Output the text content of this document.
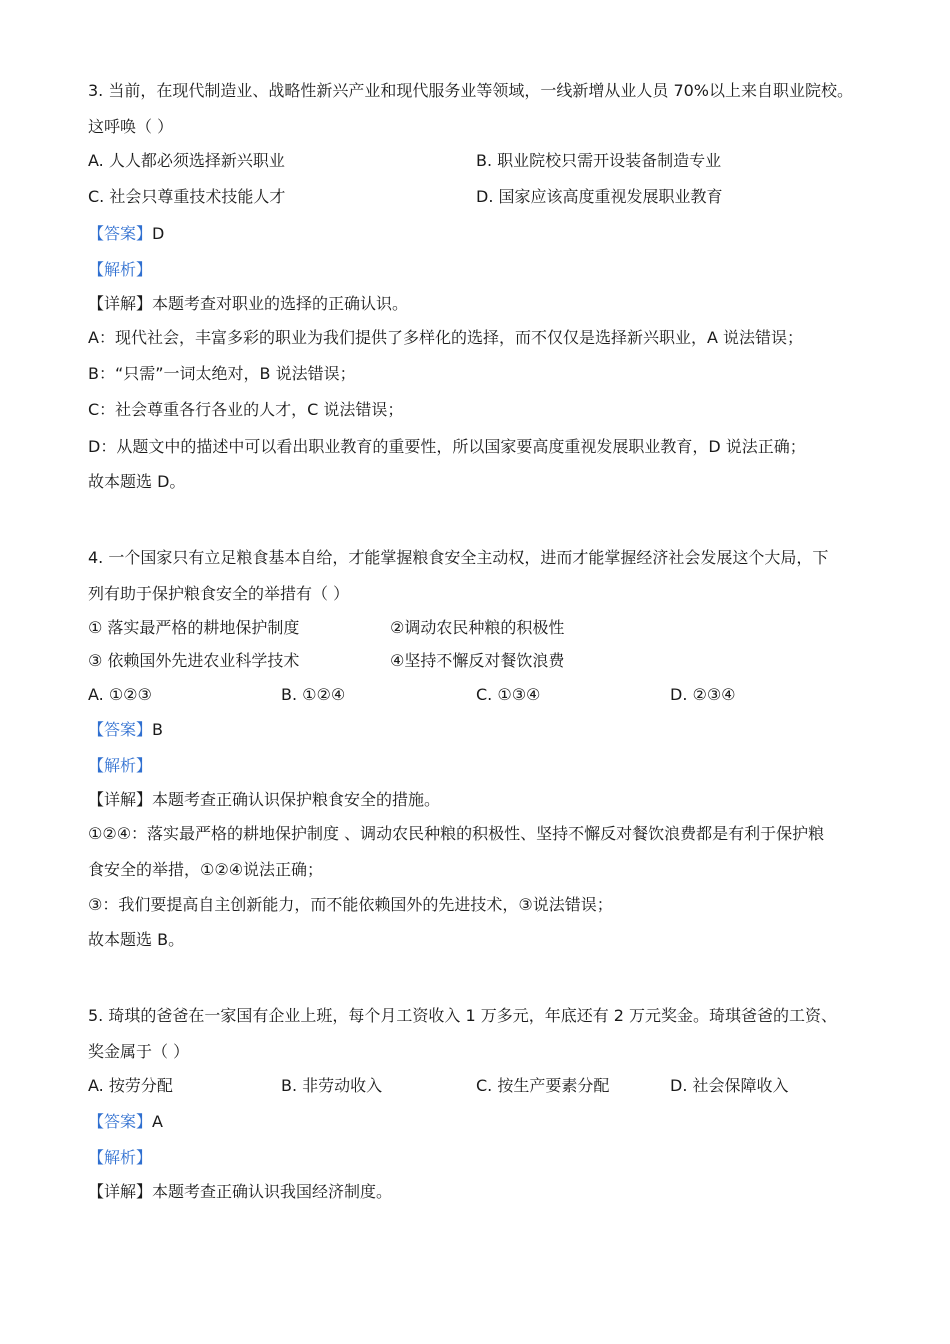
3. 当前，在现代制造业、战略性新兴产业和现代服务业等领域，一线新增从业人员 70%以上来自职业院校。
这呼唤（ ）
A. 人人都必须选择新兴职业	B. 职业院校只需开设装备制造专业
C. 社会只尊重技术技能人才	D. 国家应该高度重视发展职业教育
【答案】D
【解析】
【详解】本题考查对职业的选择的正确认识。
A：现代社会，丰富多彩的职业为我们提供了多样化的选择，而不仅仅是选择新兴职业，A 说法错误；
B：“只需”一词太绝对，B 说法错误；
C：社会尊重各行各业的人才，C 说法错误；
D：从题文中的描述中可以看出职业教育的重要性，所以国家要高度重视发展职业教育，D 说法正确；
故本题选 D。
4. 一个国家只有立足粮食基本自给，才能掌握粮食安全主动权，进而才能掌握经济社会发展这个大局，下
列有助于保护粮食安全的举措有（ ）
① 落实最严格的耕地保护制度	②调动农民种粮的积极性
③ 依赖国外先进农业科学技术	④坚持不懈反对餐饮浪费
A. ①②③	B. ①②④	C. ①③④	D. ②③④
【答案】B
【解析】
【详解】本题考查正确认识保护粮食安全的措施。
①②④：落实最严格的耕地保护制度 、调动农民种粮的积极性、坚持不懈反对餐饮浪费都是有利于保护粮
食安全的举措，①②④说法正确；
③：我们要提高自主创新能力，而不能依赖国外的先进技术，③说法错误；
故本题选 B。
5. 琦琪的爸爸在一家国有企业上班，每个月工资收入 1 万多元，年底还有 2 万元奖金。琦琪爸爸的工资、
奖金属于（ ）
A. 按劳分配	B. 非劳动收入	C. 按生产要素分配	D. 社会保障收入
【答案】A
【解析】
【详解】本题考查正确认识我国经济制度。
